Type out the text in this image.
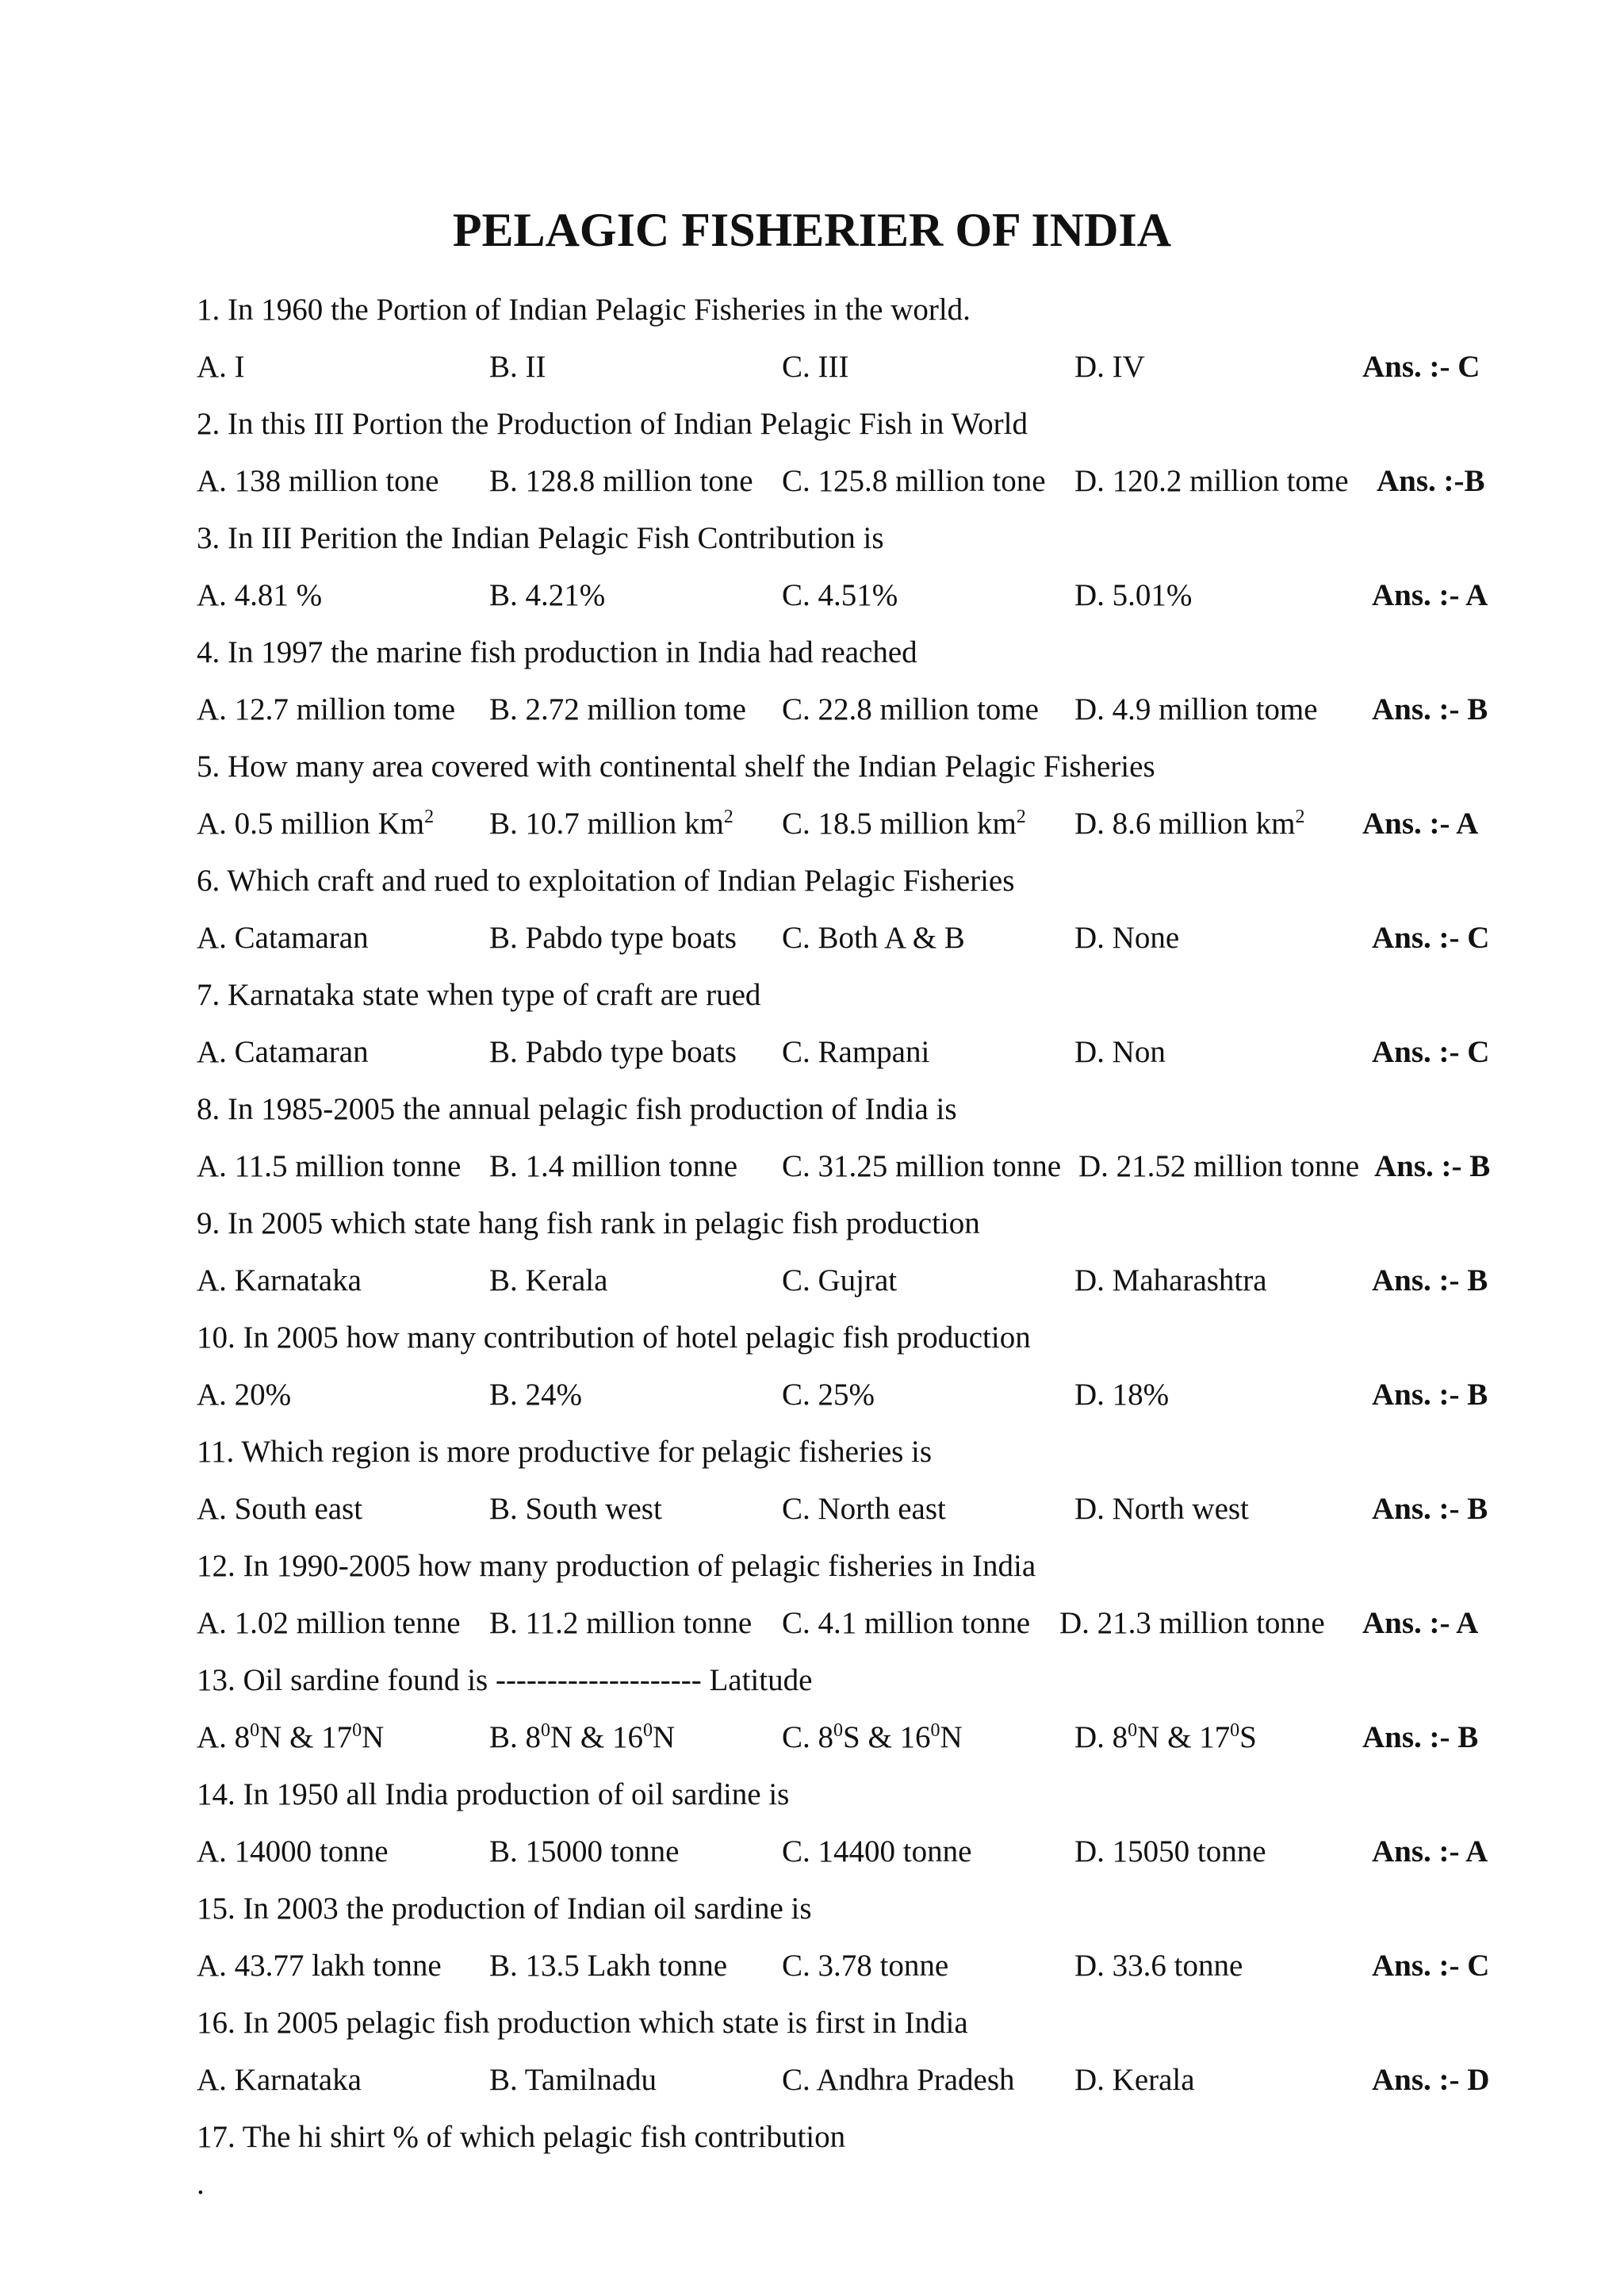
PELAGIC FISHERIER OF INDIA
1. In 1960 the Portion of Indian Pelagic Fisheries in the world.
A. I	B. II	C. III	D. IV	Ans. :- C
2. In this III Portion the Production of Indian Pelagic Fish in World
A. 138 million tone B. 128.8 million tone C. 125.8 million tone D. 120.2 million tome Ans. :-B
3. In III Perition the Indian Pelagic Fish Contribution is
A. 4.81 %	B. 4.21%	C. 4.51%	D. 5.01%	Ans. :- A
4. In 1997 the marine fish production in India had reached
A. 12.7 million tome B. 2.72 million tome C. 22.8 million tome D. 4.9 million tome Ans. :- B
5. How many area covered with continental shelf the Indian Pelagic Fisheries
A. 0.5 million Km$^2$ B. 10.7 million $km^2$ C. 18.5 million $km^2$ D. 8.6 million $km^2$ Ans. :- A
6. Which craft and rued to exploitation of Indian Pelagic Fisheries
A. Catamaran	B. Pabdo type boats C. Both A & B	D. None	Ans. :- C
7. Karnataka state when type of craft are rued
A. Catamaran	B. Pabdo type boats C. Rampani	D. Non	Ans. :- C
8. In 1985-2005 the annual pelagic fish production of India is
A. 11.5 million tonne B. 1.4 million tonne C. 31.25 million tonne D. 21.52 million tonne Ans. :- B
9. In 2005 which state hang fish rank in pelagic fish production
A. Karnataka	B. Kerala	C. Gujrat	D. Maharashtra	Ans. :- B
10. In 2005 how many contribution of hotel pelagic fish production
A. 20%	B. 24%	C. 25%	D. 18%	Ans. :- B
11. Which region is more productive for pelagic fisheries is
A. South east	B. South west	C. North east	D. North west	Ans. :- B
12. In 1990-2005 how many production of pelagic fisheries in India
A. 1.02 million tenne B. 11.2 million tonne C. 4.1 million tonne D. 21.3 million tonne Ans. :- A
13. Oil sardine found is -------------------- Latitude
A. $8^0N$ & $17^0N$	B. $8^0N$ & $16^0N$	C. $8^0S$ & $16^0N$	D. $8^0N$ & $17^0S$	Ans. :- B
14. In 1950 all India production of oil sardine is
A. 14000 tonne	B. 15000 tonne	C. 14400 tonne	D. 15050 tonne	Ans. :- A
15. In 2003 the production of Indian oil sardine is
A. 43.77 lakh tonne B. 13.5 Lakh tonne C. 3.78 tonne	D. 33.6 tonne	Ans. :- C
16. In 2005 pelagic fish production which state is first in India
A. Karnataka	B. Tamilnadu	C. Andhra Pradesh D. Kerala	Ans. :- D
17. The hi shirt % of which pelagic fish contribution
.
